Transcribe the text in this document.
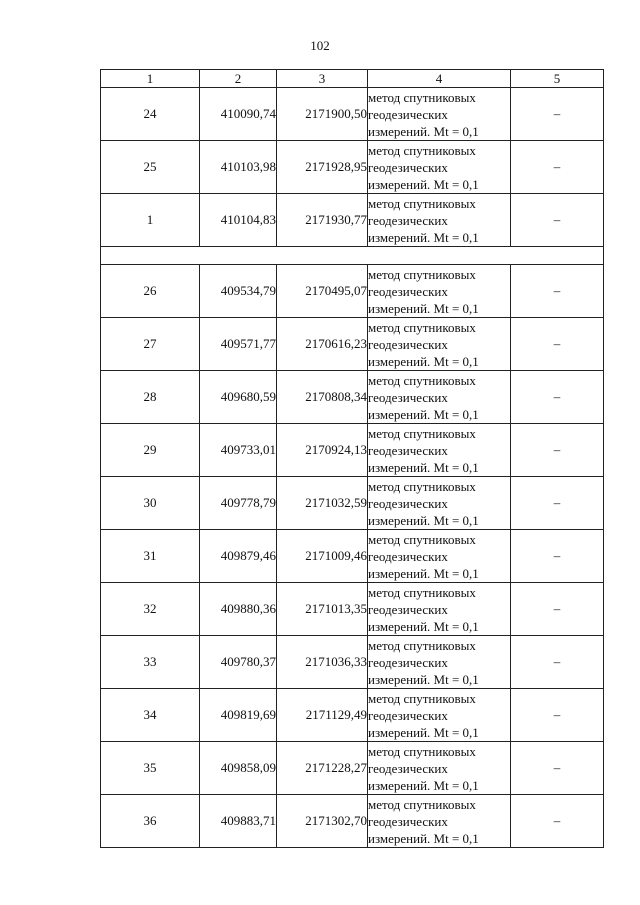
102
1	2	3	4	5
24	410090,74	2171900,50	метод спутниковых
геодезических
измерений. Mt = 0,1	–
25	410103,98	2171928,95	метод спутниковых
геодезических
измерений. Mt = 0,1	–
1	410104,83	2171930,77	метод спутниковых
геодезических
измерений. Mt = 0,1	–

26	409534,79	2170495,07	метод спутниковых
геодезических
измерений. Mt = 0,1	–
27	409571,77	2170616,23	метод спутниковых
геодезических
измерений. Mt = 0,1	–
28	409680,59	2170808,34	метод спутниковых
геодезических
измерений. Mt = 0,1	–
29	409733,01	2170924,13	метод спутниковых
геодезических
измерений. Mt = 0,1	–
30	409778,79	2171032,59	метод спутниковых
геодезических
измерений. Mt = 0,1	–
31	409879,46	2171009,46	метод спутниковых
геодезических
измерений. Mt = 0,1	–
32	409880,36	2171013,35	метод спутниковых
геодезических
измерений. Mt = 0,1	–
33	409780,37	2171036,33	метод спутниковых
геодезических
измерений. Mt = 0,1	–
34	409819,69	2171129,49	метод спутниковых
геодезических
измерений. Mt = 0,1	–
35	409858,09	2171228,27	метод спутниковых
геодезических
измерений. Mt = 0,1	–
36	409883,71	2171302,70	метод спутниковых
геодезических
измерений. Mt = 0,1	–
